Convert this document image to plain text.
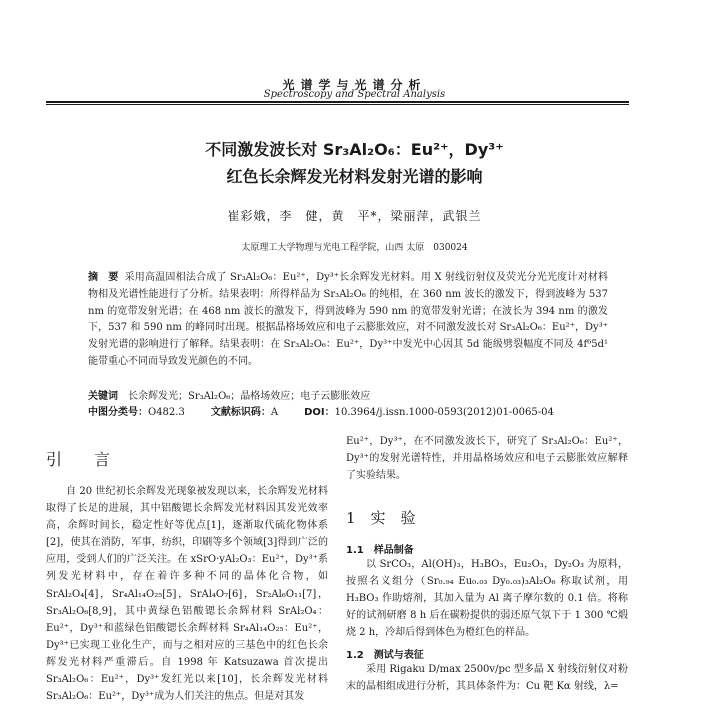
光谱学与光谱分析
Spectroscopy and Spectral Analysis
不同激发波长对 Sr₃Al₂O₆：Eu²⁺，Dy³⁺
红色长余辉发光材料发射光谱的影响
崔彩娥，李　健，黄　平*，梁丽萍，武银兰
太原理工大学物理与光电工程学院，山西 太原　030024
摘　要 采用高温固相法合成了 Sr₃Al₂O₆：Eu²⁺，Dy³⁺长余辉发光材料。用 X 射线衍射仪及荧光分光光度计对材料物相及光谱性能进行了分析。结果表明：所得样品为 Sr₃Al₂O₆ 的纯相，在 360 nm 波长的激发下，得到波峰为 537 nm 的宽带发射光谱；在 468 nm 波长的激发下，得到波峰为 590 nm 的宽带发射光谱；在波长为 394 nm 的激发下，537 和 590 nm 的峰同时出现。根据晶格场效应和电子云膨胀效应，对不同激发波长对 Sr₃Al₂O₆：Eu²⁺，Dy³⁺发射光谱的影响进行了解释。结果表明：在 Sr₃Al₂O₆：Eu²⁺，Dy³⁺中发光中心因其 5d 能级劈裂幅度不同及 4f⁶5d¹ 能带重心不同而导致发光颜色的不同。
关键词　 长余辉发光；Sr₃Al₂O₆；晶格场效应；电子云膨胀效应
中图分类号：O482.3	文献标识码：A	DOI：10.3964/j.issn.1000-0593(2012)01-0065-04
引　言
自 20 世纪初长余辉发光现象被发现以来，长余辉发光材料取得了长足的进展，其中铝酸锶长余辉发光材料因其发光效率高，余辉时间长，稳定性好等优点[1]，逐渐取代硫化物体系[2]，使其在消防，军事，纺织，印刷等多个领域[3]得到广泛的应用，受到人们的广泛关注。在 xSrO·yAl₂O₃：Eu²⁺，Dy³⁺系列发光材料中，存在着许多种不同的晶体化合物，如 SrAl₂O₄[4]，Sr₄Al₁₄O₂₅[5]，SrAl₄O₇[6]，Sr₂Al₆O₁₁[7]，Sr₃Al₂O₆[8,9]，其中黄绿色铝酸锶长余辉材料 SrAl₂O₄：Eu²⁺，Dy³⁺和蓝绿色铝酸锶长余辉材料 Sr₄Al₁₄O₂₅：Eu²⁺，Dy³⁺已实现工业化生产，而与之相对应的三基色中的红色长余辉发光材料严重滞后。自 1998 年 Katsuzawa 首次提出 Sr₃Al₂O₆：Eu²⁺，Dy³⁺发红光以来[10]，长余辉发光材料 Sr₃Al₂O₆：Eu²⁺，Dy³⁺成为人们关注的焦点。但是对其发
Eu²⁺，Dy³⁺，在不同激发波长下，研究了 Sr₃Al₂O₆：Eu²⁺，Dy³⁺的发射光谱特性，并用晶格场效应和电子云膨胀效应解释了实验结果。
1　实　验
1.1　样品制备
以 SrCO₃，Al(OH)₃，H₃BO₃，Eu₂O₃，Dy₂O₃ 为原料，按照名义组分（Sr₀.₉₄ Eu₀.₀₃ Dy₀.₀₃)₃Al₂O₆ 称取试剂，用 H₃BO₃ 作助熔剂，其加入量为 Al 离子摩尔数的 0.1 倍。将称好的试剂研磨 8 h 后在碳粉提供的弱还原气氛下于 1 300 ℃煅烧 2 h，冷却后得到体色为橙红色的样品。
1.2　测试与表征
采用 Rigaku D/max 2500v/pc 型多晶 X 射线衍射仪对粉末的晶相组成进行分析，其具体条件为：Cu 靶 Kα 射线，λ=
